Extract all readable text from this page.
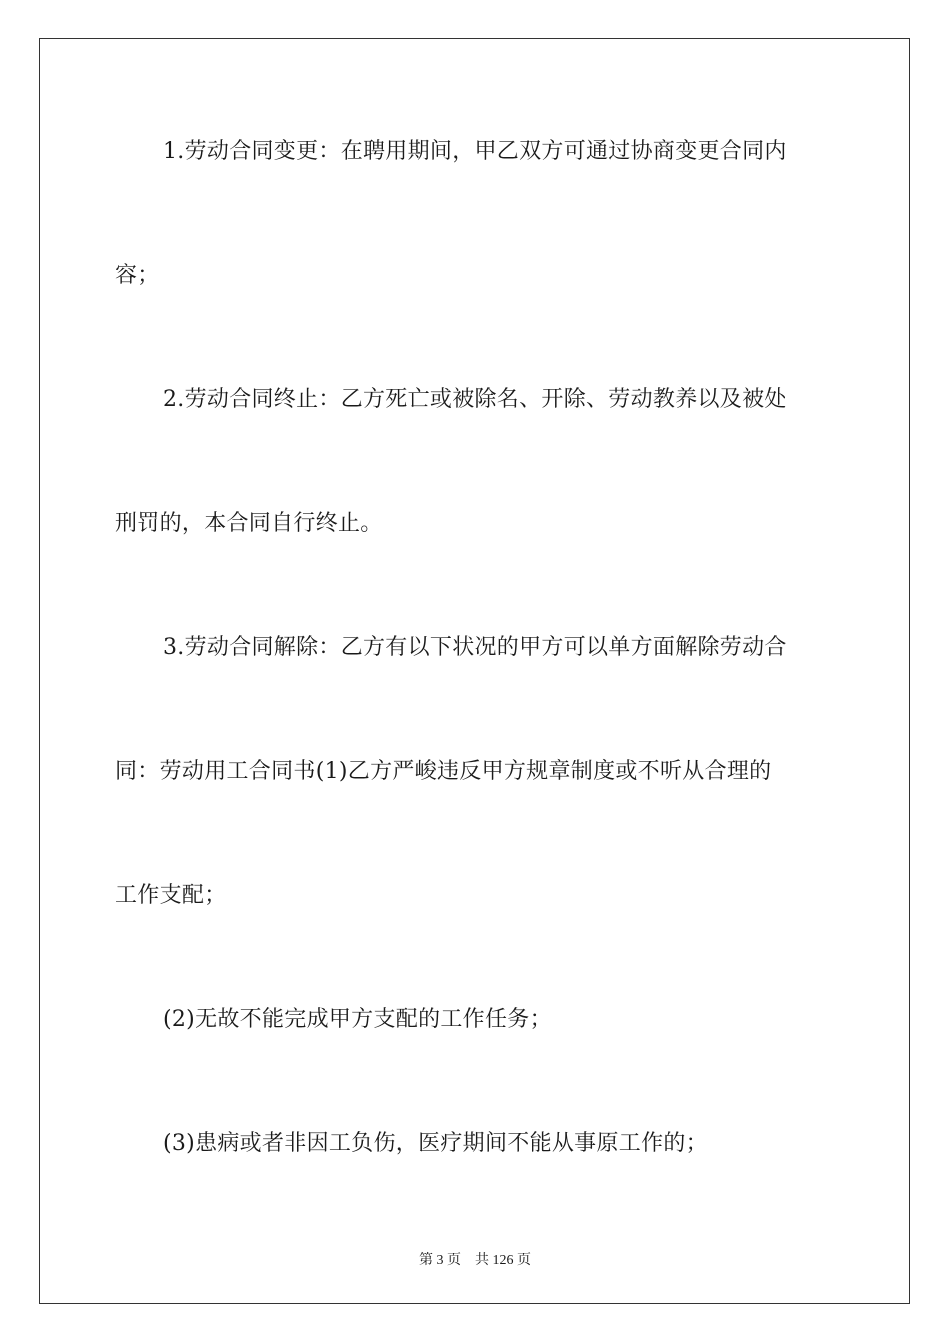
1.劳动合同变更：在聘用期间，甲乙双方可通过协商变更合同内
容；
2.劳动合同终止：乙方死亡或被除名、开除、劳动教养以及被处
刑罚的，本合同自行终止。
3.劳动合同解除：乙方有以下状况的甲方可以单方面解除劳动合
同：劳动用工合同书(1)乙方严峻违反甲方规章制度或不听从合理的
工作支配；
(2)无故不能完成甲方支配的工作任务；
(3)患病或者非因工负伤，医疗期间不能从事原工作的；
第 3 页 共 126 页
